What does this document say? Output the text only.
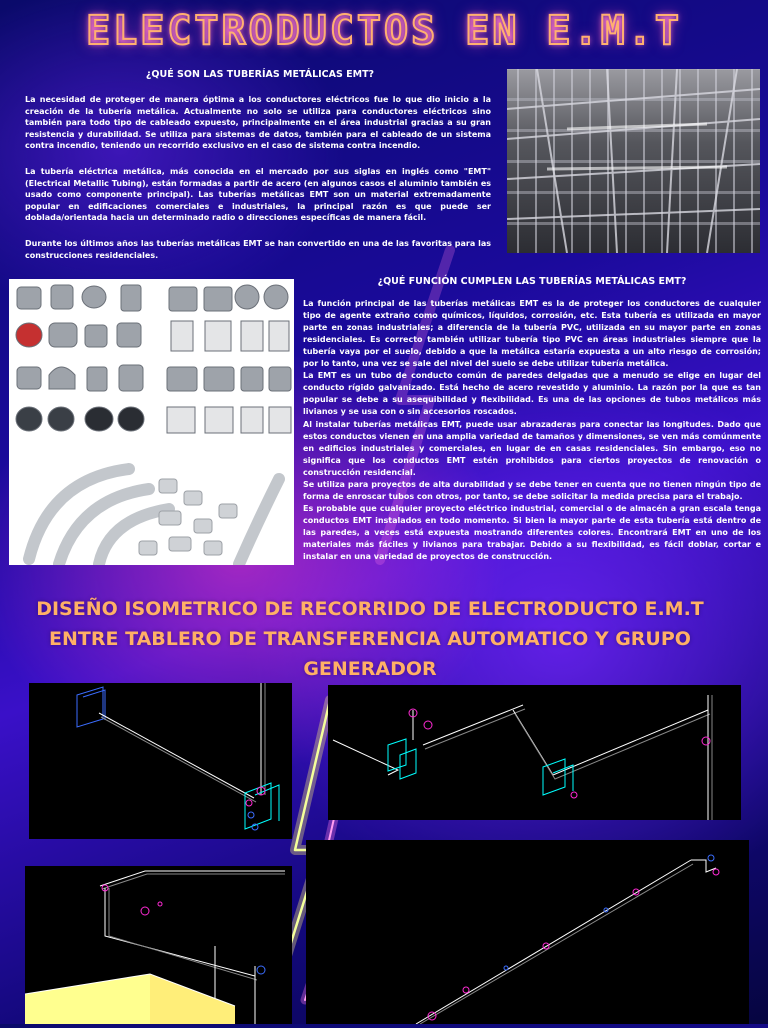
ELECTRODUCTOS EN E.M.T
¿QUÉ SON LAS TUBERÍAS METÁLICAS EMT?

La necesidad de proteger de manera óptima a los conductores eléctricos fue lo que dio inicio a la creación de la tubería metálica. Actualmente no solo se utiliza para conductores eléctricos sino también para todo tipo de cableado expuesto, principalmente en el área industrial gracias a su gran resistencia y durabilidad. Se utiliza para sistemas de datos, también para el cableado de un sistema contra incendio, teniendo un recorrido exclusivo en el caso de sistema contra incendio.

La tubería eléctrica metálica, más conocida en el mercado por sus siglas en inglés como "EMT" (Electrical Metallic Tubing), están formadas a partir de acero (en algunos casos el aluminio también es usado como componente principal). Las tuberías metálicas EMT son un material extremadamente popular en edificaciones comerciales e industriales, la principal razón es que puede ser doblada/orientada hacia un determinado radio o direcciones específicas de manera fácil.

Durante los últimos años las tuberías metálicas EMT se han convertido en una de las favoritas para las construcciones residenciales.

¿QUÉ FUNCIÓN CUMPLEN LAS TUBERÍAS METÁLICAS EMT?

La función principal de las tuberías metálicas EMT es la de proteger los conductores de cualquier tipo de agente extraño como químicos, líquidos, corrosión, etc. Esta tubería es utilizada en mayor parte en zonas industriales; a diferencia de la tubería PVC, utilizada en su mayor parte en zonas residenciales. Es correcto también utilizar tubería tipo PVC en áreas industriales siempre que la tubería vaya por el suelo, debido a que la metálica estaría expuesta a un alto riesgo de corrosión; por lo tanto, una vez se sale del nivel del suelo se debe utilizar tubería metálica.

La EMT es un tubo de conducto común de paredes delgadas que a menudo se elige en lugar del conducto rígido galvanizado. Está hecho de acero revestido y aluminio. La razón por la que es tan popular se debe a su asequibilidad y flexibilidad. Es una de las opciones de tubos metálicos más livianos y se usa con o sin accesorios roscados.

Al instalar tuberías metálicas EMT, puede usar abrazaderas para conectar las longitudes. Dado que estos conductos vienen en una amplia variedad de tamaños y dimensiones, se ven más comúnmente en edificios industriales y comerciales, en lugar de en casas residenciales. Sin embargo, eso no significa que los conductos EMT estén prohibidos para ciertos proyectos de renovación o construcción residencial.

Se utiliza para proyectos de alta durabilidad y se debe tener en cuenta que no tienen ningún tipo de forma de enroscar tubos con otros, por tanto, se debe solicitar la medida precisa para el trabajo.

Es probable que cualquier proyecto eléctrico industrial, comercial o de almacén a gran escala tenga conductos EMT instalados en todo momento. Si bien la mayor parte de esta tubería está dentro de las paredes, a veces está expuesta mostrando diferentes colores. Encontrará EMT en uno de los materiales más fáciles y livianos para trabajar. Debido a su flexibilidad, es fácil doblar, cortar e instalar en una variedad de proyectos de construcción.

DISEÑO ISOMETRICO DE RECORRIDO DE ELECTRODUCTO E.M.T
ENTRE TABLERO DE TRANSFERENCIA AUTOMATICO Y GRUPO
GENERADOR
